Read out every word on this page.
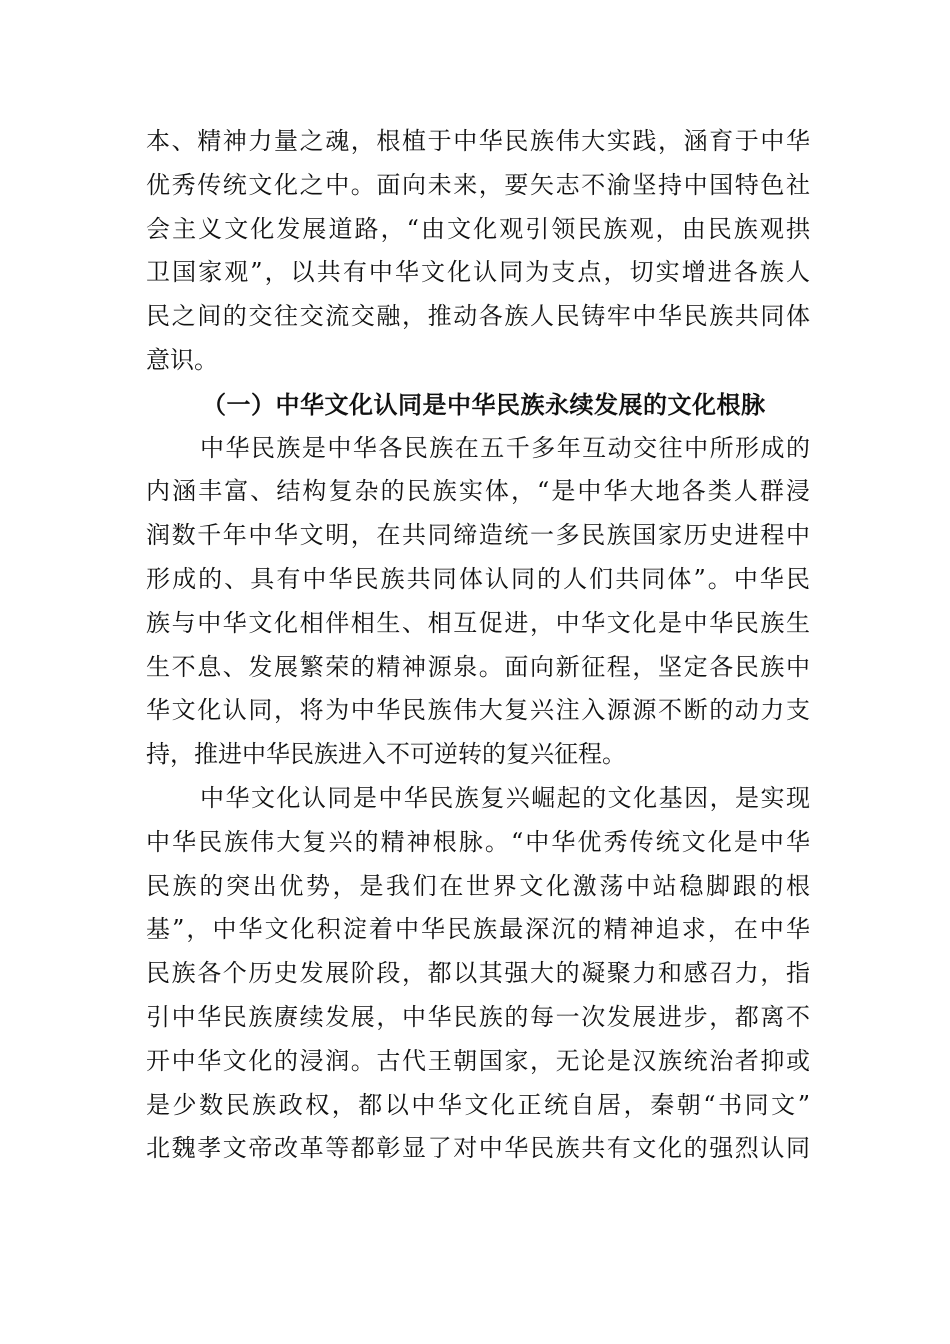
本、精神力量之魂，根植于中华民族伟大实践，涵育于中华
优秀传统文化之中。面向未来，要矢志不渝坚持中国特色社
会主义文化发展道路，“由文化观引领民族观，由民族观拱
卫国家观”，以共有中华文化认同为支点，切实增进各族人
民之间的交往交流交融，推动各族人民铸牢中华民族共同体
意识。
（一）中华文化认同是中华民族永续发展的文化根脉
中华民族是中华各民族在五千多年互动交往中所形成的
内涵丰富、结构复杂的民族实体，“是中华大地各类人群浸
润数千年中华文明，在共同缔造统一多民族国家历史进程中
形成的、具有中华民族共同体认同的人们共同体”。中华民
族与中华文化相伴相生、相互促进，中华文化是中华民族生
生不息、发展繁荣的精神源泉。面向新征程，坚定各民族中
华文化认同，将为中华民族伟大复兴注入源源不断的动力支
持，推进中华民族进入不可逆转的复兴征程。
中华文化认同是中华民族复兴崛起的文化基因，是实现
中华民族伟大复兴的精神根脉。“中华优秀传统文化是中华
民族的突出优势，是我们在世界文化激荡中站稳脚跟的根
基”，中华文化积淀着中华民族最深沉的精神追求，在中华
民族各个历史发展阶段，都以其强大的凝聚力和感召力，指
引中华民族赓续发展，中华民族的每一次发展进步，都离不
开中华文化的浸润。古代王朝国家，无论是汉族统治者抑或
是少数民族政权，都以中华文化正统自居，秦朝“书同文”
北魏孝文帝改革等都彰显了对中华民族共有文化的强烈认同
